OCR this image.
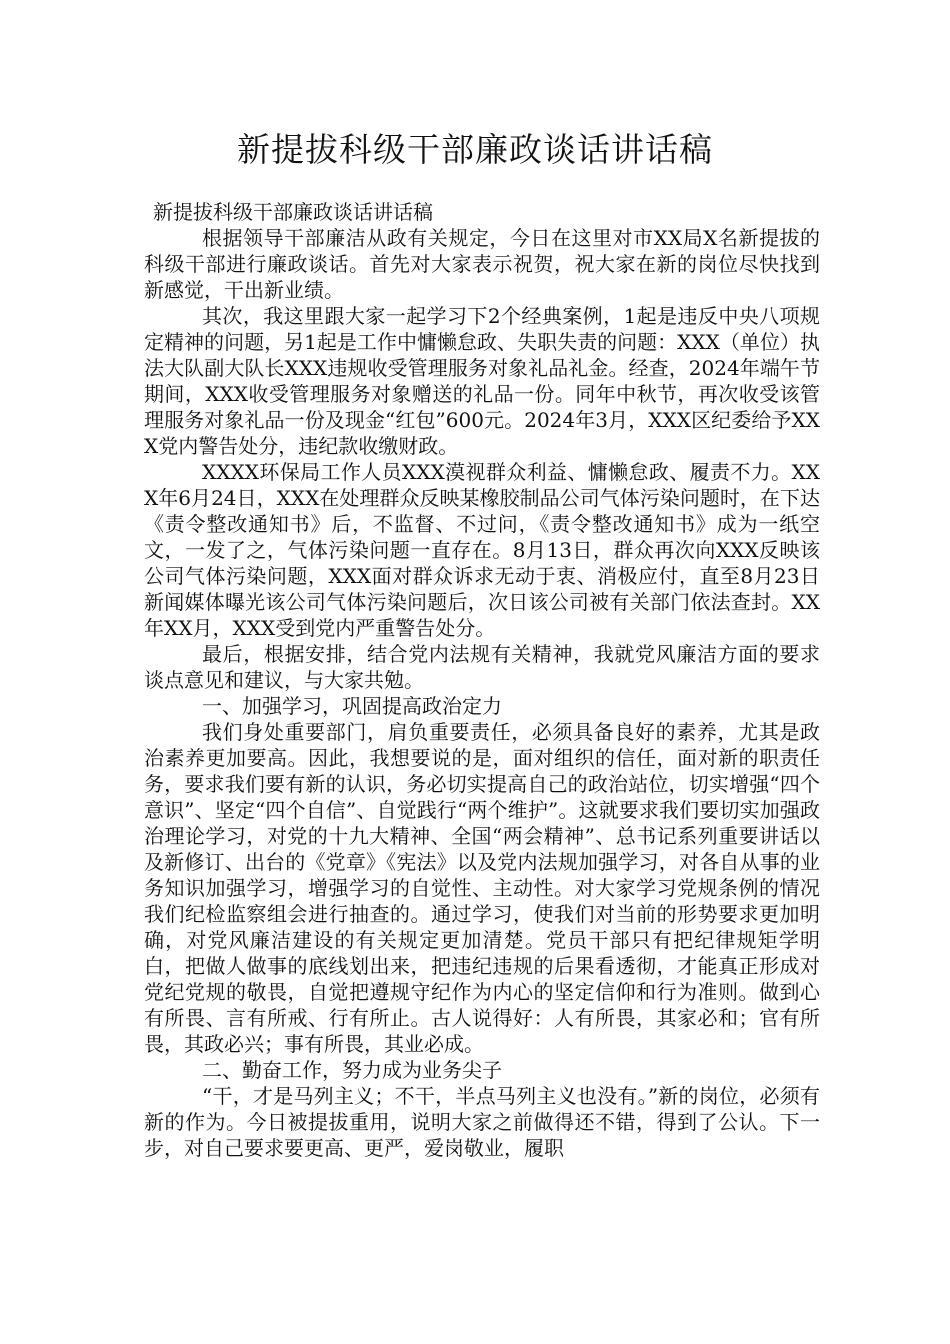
新提拔科级干部廉政谈话讲话稿

新提拔科级干部廉政谈话讲话稿

根据领导干部廉洁从政有关规定，今日在这里对市XX局X名新提拔的科级干部进行廉政谈话。首先对大家表示祝贺，祝大家在新的岗位尽快找到新感觉，干出新业绩。

其次，我这里跟大家一起学习下2个经典案例，1起是违反中央八项规定精神的问题，另1起是工作中慵懒怠政、失职失责的问题：XXX（单位）执法大队副大队长XXX违规收受管理服务对象礼品礼金。经查，2024年端午节期间，XXX收受管理服务对象赠送的礼品一份。同年中秋节，再次收受该管理服务对象礼品一份及现金“红包”600元。2024年3月，XXX区纪委给予XXX党内警告处分，违纪款收缴财政。

XXXX环保局工作人员XXX漠视群众利益、慵懒怠政、履责不力。XXX年6月24日，XXX在处理群众反映某橡胶制品公司气体污染问题时，在下达《责令整改通知书》后，不监督、不过问，《责令整改通知书》成为一纸空文，一发了之，气体污染问题一直存在。8月13日，群众再次向XXX反映该公司气体污染问题，XXX面对群众诉求无动于衷、消极应付，直至8月23日新闻媒体曝光该公司气体污染问题后，次日该公司被有关部门依法查封。XX年XX月，XXX受到党内严重警告处分。

最后，根据安排，结合党内法规有关精神，我就党风廉洁方面的要求谈点意见和建议，与大家共勉。

一、加强学习，巩固提高政治定力

我们身处重要部门，肩负重要责任，必须具备良好的素养，尤其是政治素养更加要高。因此，我想要说的是，面对组织的信任，面对新的职责任务，要求我们要有新的认识，务必切实提高自己的政治站位，切实增强“四个意识”、坚定“四个自信”、自觉践行“两个维护”。这就要求我们要切实加强政治理论学习，对党的十九大精神、全国“两会精神”、总书记系列重要讲话以及新修订、出台的《党章》《宪法》以及党内法规加强学习，对各自从事的业务知识加强学习，增强学习的自觉性、主动性。对大家学习党规条例的情况我们纪检监察组会进行抽查的。通过学习，使我们对当前的形势要求更加明确，对党风廉洁建设的有关规定更加清楚。党员干部只有把纪律规矩学明白，把做人做事的底线划出来，把违纪违规的后果看透彻，才能真正形成对党纪党规的敬畏，自觉把遵规守纪作为内心的坚定信仰和行为准则。做到心有所畏、言有所戒、行有所止。古人说得好：人有所畏，其家必和；官有所畏，其政必兴；事有所畏，其业必成。

二、勤奋工作，努力成为业务尖子

“干，才是马列主义；不干，半点马列主义也没有。”新的岗位，必须有新的作为。今日被提拔重用，说明大家之前做得还不错，得到了公认。下一步，对自己要求要更高、更严，爱岗敬业，履职
